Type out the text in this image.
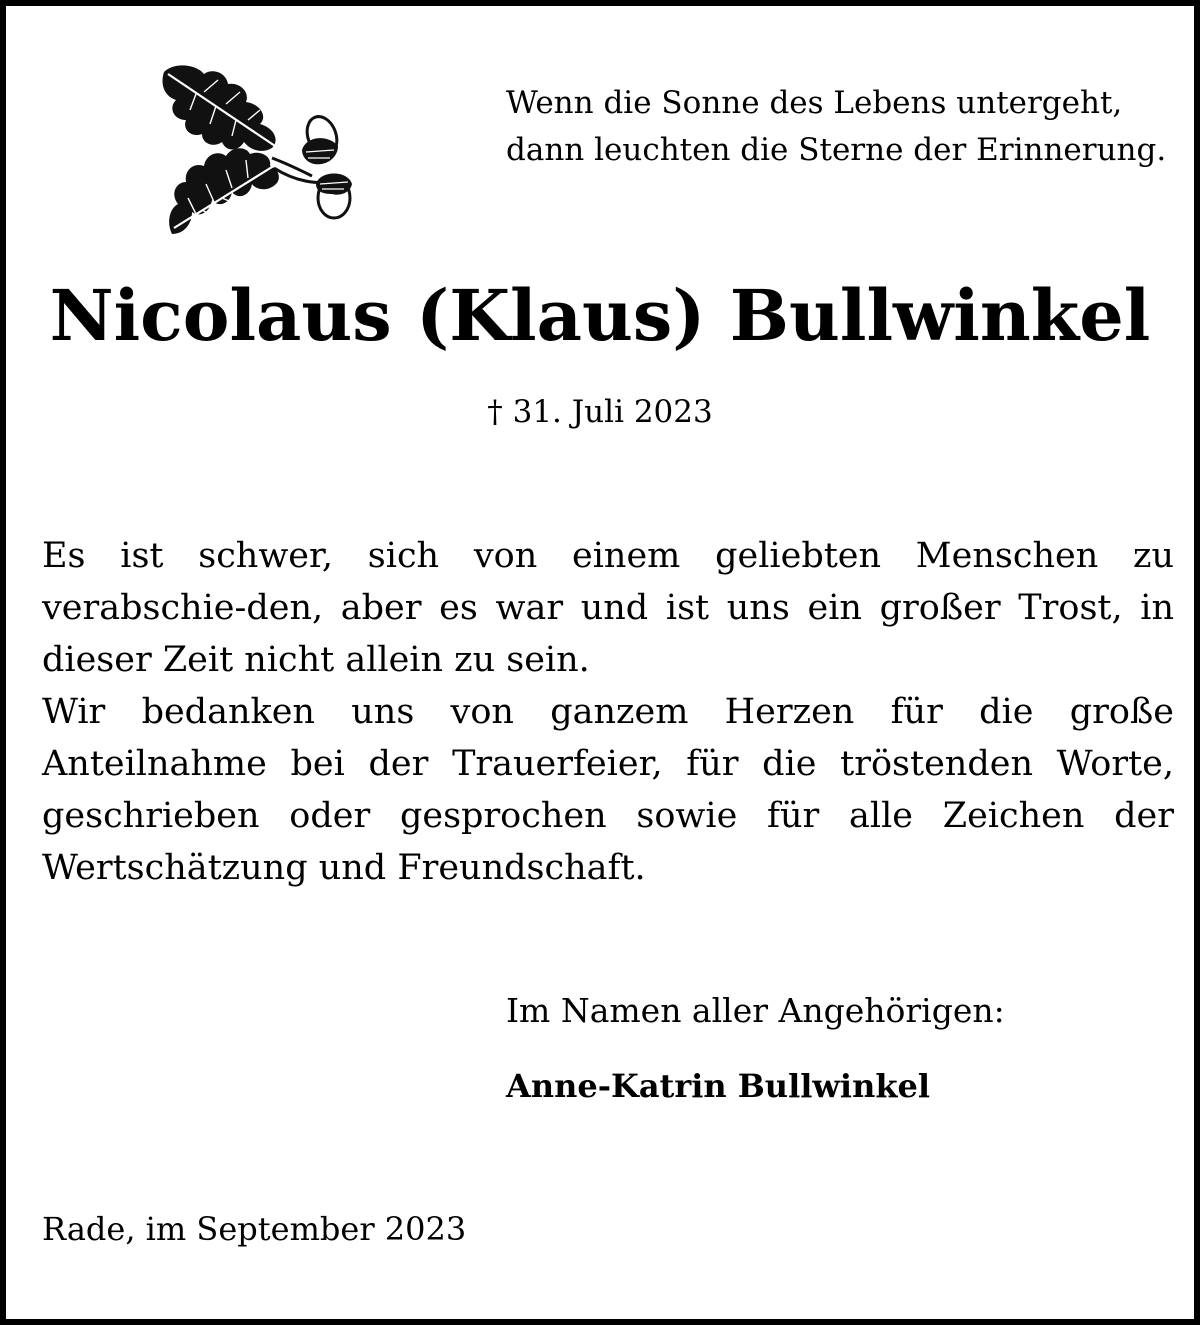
Wenn die Sonne des Lebens untergeht,
dann leuchten die Sterne der Erinnerung.
Nicolaus (Klaus) Bullwinkel
† 31. Juli 2023

Es ist schwer, sich von einem geliebten Menschen zu verabschie-den, aber es war und ist uns ein großer Trost, in dieser Zeit nicht allein zu sein.

Wir bedanken uns von ganzem Herzen für die große Anteilnahme bei der Trauerfeier, für die tröstenden Worte, geschrieben oder gesprochen sowie für alle Zeichen der Wertschätzung und Freundschaft.

Im Namen aller Angehörigen:
Anne-Katrin Bullwinkel
Rade, im September 2023
